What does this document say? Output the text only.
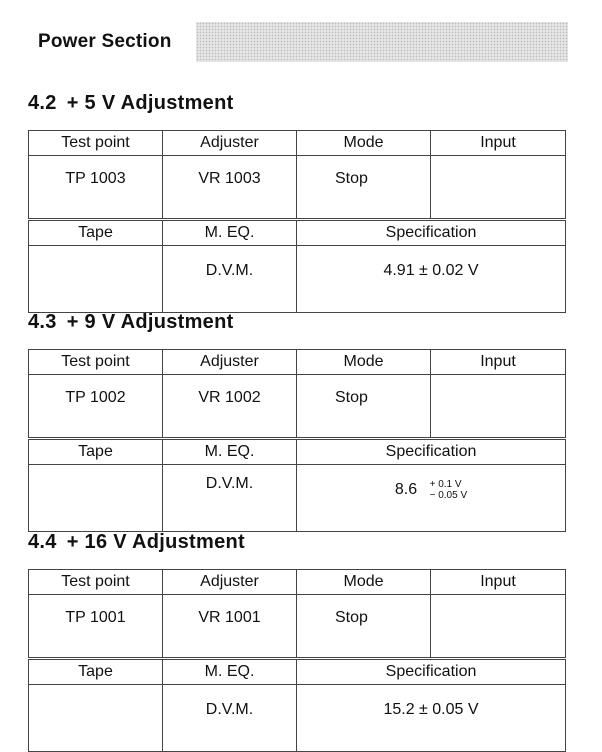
Power Section
4.2 + 5 V Adjustment
Test point	Adjuster	Mode	Input
TP 1003	VR 1003	Stop	
Tape	M. EQ.	Specification	
	D.V.M.	4.91 ± 0.02 V	
4.3 + 9 V Adjustment
Test point	Adjuster	Mode	Input
TP 1002	VR 1002	Stop	
Tape	M. EQ.	Specification	
	D.V.M.	8.6 + 0.1 V
− 0.05 V	
4.4 + 16 V Adjustment
Test point	Adjuster	Mode	Input
TP 1001	VR 1001	Stop	
Tape	M. EQ.	Specification	
	D.V.M.	15.2 ± 0.05 V	
